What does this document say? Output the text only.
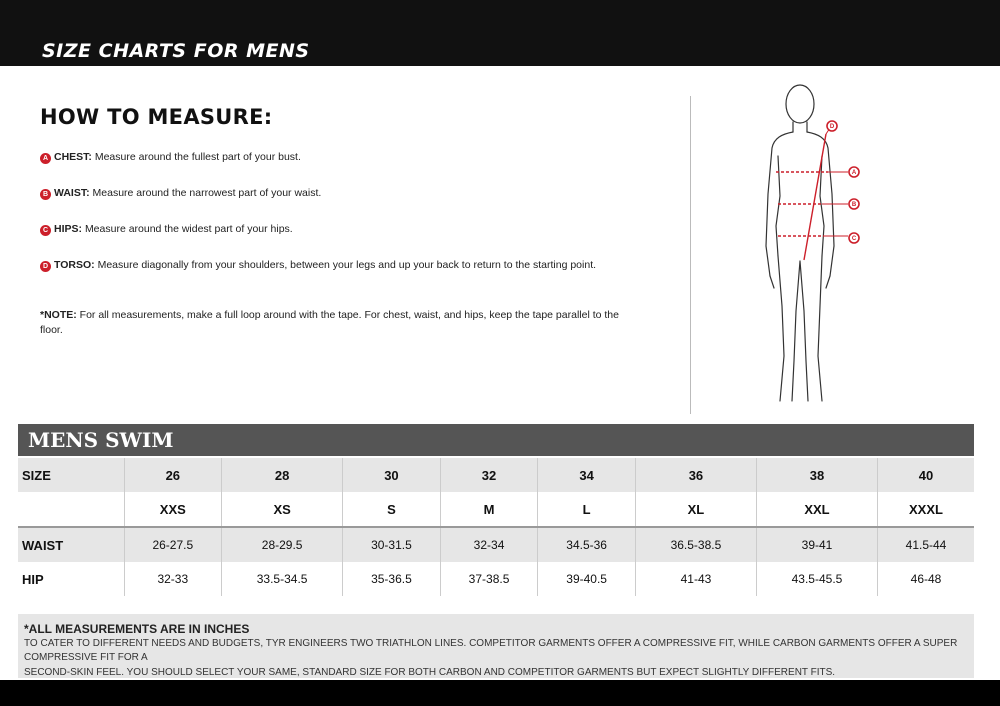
SIZE CHARTS FOR MENS
HOW TO MEASURE:
A CHEST: Measure around the fullest part of your bust.
B WAIST: Measure around the narrowest part of your waist.
C HIPS: Measure around the widest part of your hips.
D TORSO: Measure diagonally from your shoulders, between your legs and up your back to return to the starting point.
*NOTE: For all measurements, make a full loop around with the tape. For chest, waist, and hips, keep the tape parallel to the floor.
D
A
B
C
MENS SWIM
SIZE	26	28	30	32	34	36	38	40
	XXS	XS	S	M	L	XL	XXL	XXXL

WAIST	26-27.5	28-29.5	30-31.5	32-34	34.5-36	36.5-38.5	39-41	41.5-44
HIP	32-33	33.5-34.5	35-36.5	37-38.5	39-40.5	41-43	43.5-45.5	46-48
*ALL MEASUREMENTS ARE IN INCHES
TO CATER TO DIFFERENT NEEDS AND BUDGETS, TYR ENGINEERS TWO TRIATHLON LINES. COMPETITOR GARMENTS OFFER A COMPRESSIVE FIT, WHILE CARBON GARMENTS OFFER A SUPER COMPRESSIVE FIT FOR A
SECOND-SKIN FEEL. YOU SHOULD SELECT YOUR SAME, STANDARD SIZE FOR BOTH CARBON AND COMPETITOR GARMENTS BUT EXPECT SLIGHTLY DIFFERENT FITS.
